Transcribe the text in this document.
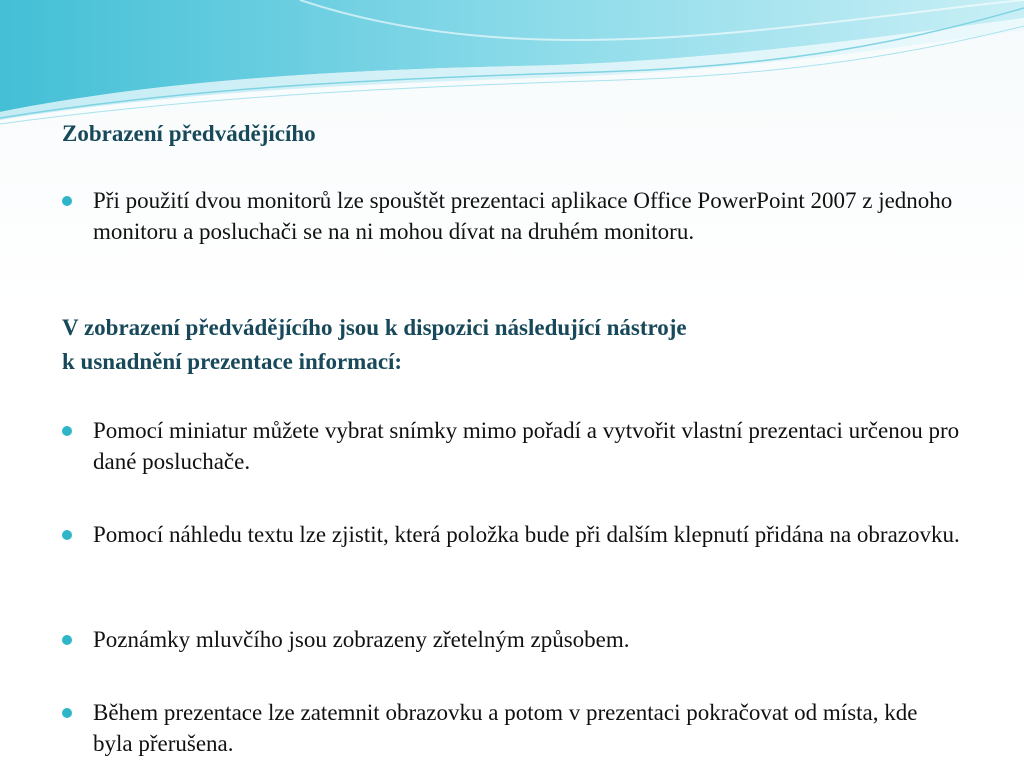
Zobrazení předvádějícího
Při použití dvou monitorů lze spouštět prezentaci aplikace Office PowerPoint 2007 z jednoho monitoru a posluchači se na ni mohou dívat na druhém monitoru.
V zobrazení předvádějícího jsou k dispozici následující nástroje
k usnadnění prezentace informací:
Pomocí miniatur můžete vybrat snímky mimo pořadí a vytvořit vlastní prezentaci určenou pro dané posluchače.
Pomocí náhledu textu lze zjistit, která položka bude při dalším klepnutí přidána na obrazovku.
Poznámky mluvčího jsou zobrazeny zřetelným způsobem.
Během prezentace lze zatemnit obrazovku a potom v prezentaci pokračovat od místa, kde byla přerušena.
